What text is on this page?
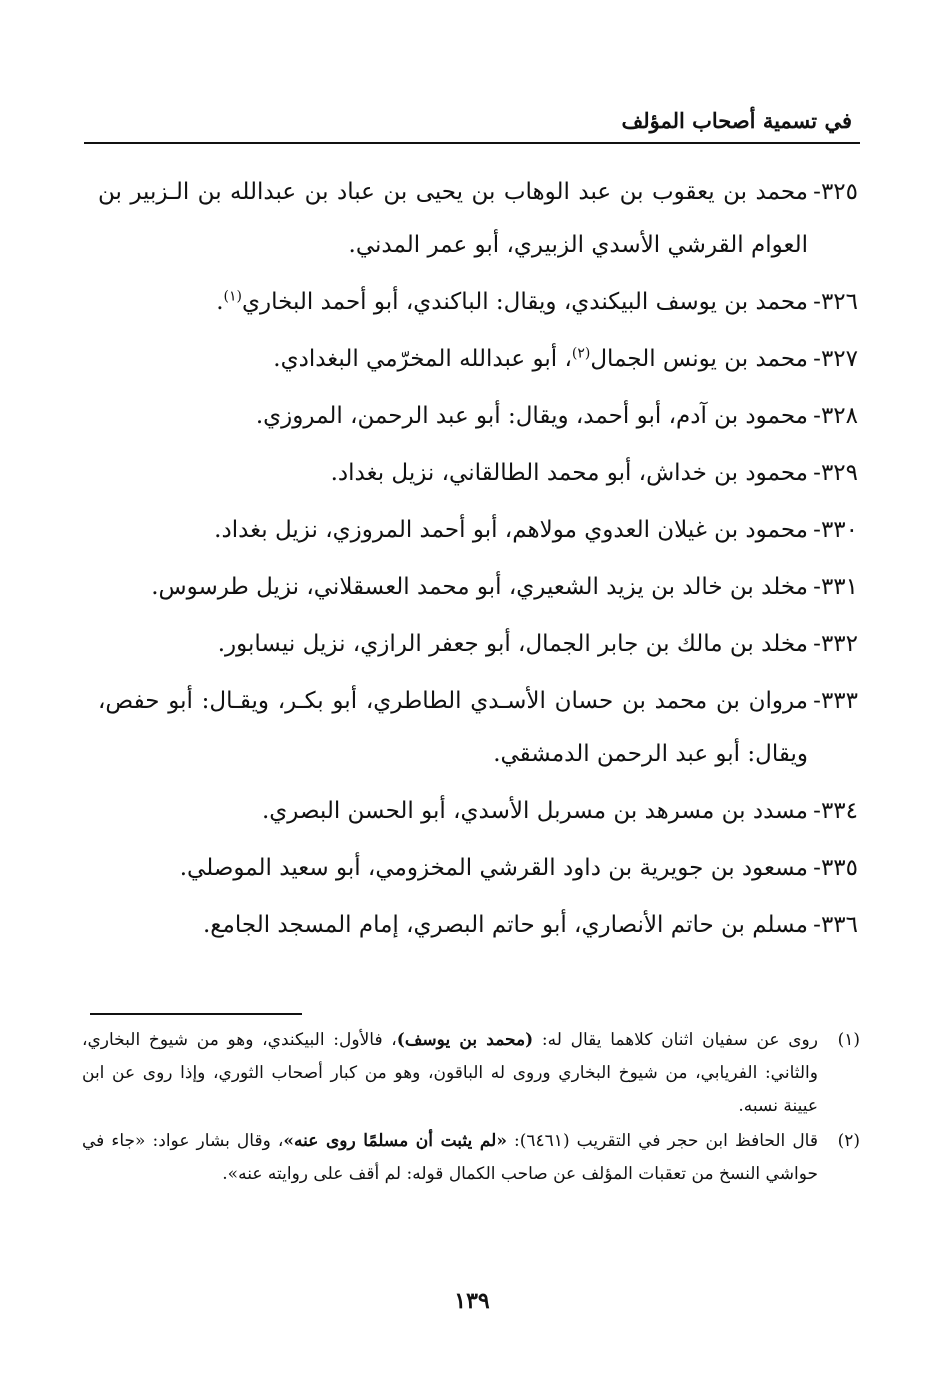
في تسمية أصحاب المؤلف
٣٢٥-
محمد بن يعقوب بن عبد الوهاب بن يحيى بن عباد بن عبدالله بن الـزبير بن العوام القرشي الأسدي الزبيري، أبو عمر المدني.
٣٢٦-
محمد بن يوسف البيكندي، ويقال: الباكندي، أبو أحمد البخاري$^{(١)}$.
٣٢٧-
محمد بن يونس الجمال$^{(٢)}$، أبو عبدالله المخرّمي البغدادي.
٣٢٨-
محمود بن آدم، أبو أحمد، ويقال: أبو عبد الرحمن، المروزي.
٣٢٩-
محمود بن خداش، أبو محمد الطالقاني، نزيل بغداد.
٣٣٠-
محمود بن غيلان العدوي مولاهم، أبو أحمد المروزي، نزيل بغداد.
٣٣١-
مخلد بن خالد بن يزيد الشعيري، أبو محمد العسقلاني، نزيل طرسوس.
٣٣٢-
مخلد بن مالك بن جابر الجمال، أبو جعفر الرازي، نزيل نيسابور.
٣٣٣-
مروان بن محمد بن حسان الأسـدي الطاطري، أبو بكـر، ويقـال: أبو حفص، ويقال: أبو عبد الرحمن الدمشقي.
٣٣٤-
مسدد بن مسرهد بن مسربل الأسدي، أبو الحسن البصري.
٣٣٥-
مسعود بن جويرية بن داود القرشي المخزومي، أبو سعيد الموصلي.
٣٣٦-
مسلم بن حاتم الأنصاري، أبو حاتم البصري، إمام المسجد الجامع.
(١)
روى عن سفيان اثنان كلاهما يقال له: (محمد بن يوسف)، فالأول: البيكندي، وهو من شيوخ البخاري، والثاني: الفريابي، من شيوخ البخاري وروى له الباقون، وهو من كبار أصحاب الثوري، وإذا روى عن ابن عيينة نسبه.
(٢)
قال الحافظ ابن حجر في التقريب (٦٤٦١): «لم يثبت أن مسلمًا روى عنه»، وقال بشار عواد: «جاء في حواشي النسخ من تعقبات المؤلف عن صاحب الكمال قوله: لم أقف على روايته عنه».
١٣٩
